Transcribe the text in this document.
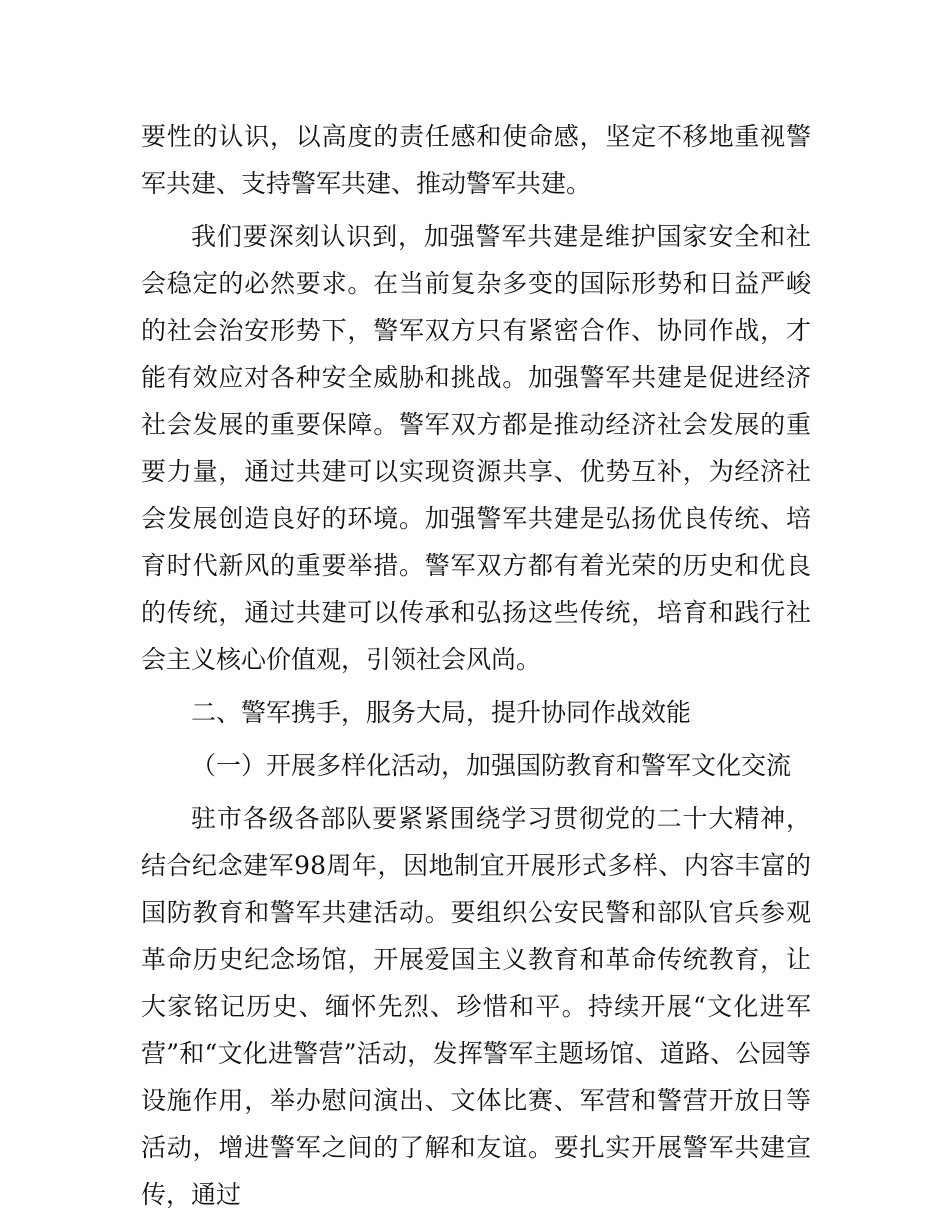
要性的认识，以高度的责任感和使命感，坚定不移地重视警军共建、支持警军共建、推动警军共建。

我们要深刻认识到，加强警军共建是维护国家安全和社会稳定的必然要求。在当前复杂多变的国际形势和日益严峻的社会治安形势下，警军双方只有紧密合作、协同作战，才能有效应对各种安全威胁和挑战。加强警军共建是促进经济社会发展的重要保障。警军双方都是推动经济社会发展的重要力量，通过共建可以实现资源共享、优势互补，为经济社会发展创造良好的环境。加强警军共建是弘扬优良传统、培育时代新风的重要举措。警军双方都有着光荣的历史和优良的传统，通过共建可以传承和弘扬这些传统，培育和践行社会主义核心价值观，引领社会风尚。

二、警军携手，服务大局，提升协同作战效能

（一）开展多样化活动，加强国防教育和警军文化交流

驻市各级各部队要紧紧围绕学习贯彻党的二十大精神，结合纪念建军98周年，因地制宜开展形式多样、内容丰富的国防教育和警军共建活动。要组织公安民警和部队官兵参观革命历史纪念场馆，开展爱国主义教育和革命传统教育，让大家铭记历史、缅怀先烈、珍惜和平。持续开展“文化进军营”和“文化进警营”活动，发挥警军主题场馆、道路、公园等设施作用，举办慰问演出、文体比赛、军营和警营开放日等活动，增进警军之间的了解和友谊。要扎实开展警军共建宣传，通过
